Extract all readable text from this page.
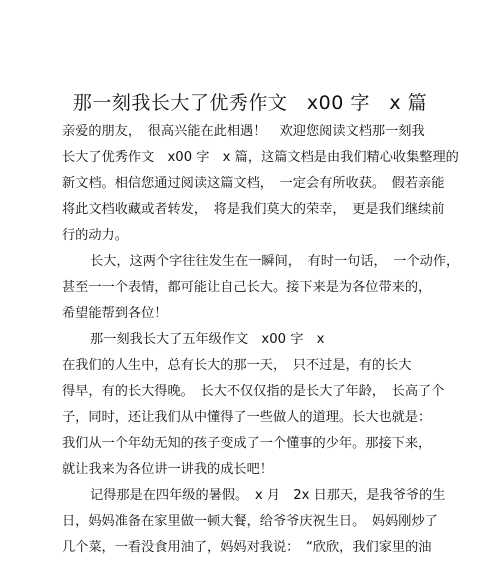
那一刻我长大了优秀作文　x00 字　x 篇
亲爱的朋友，　很高兴能在此相遇！　欢迎您阅读文档那一刻我
长大了优秀作文　x00 字　x 篇，这篇文档是由我们精心收集整理的
新文档。相信您通过阅读这篇文档，　一定会有所收获。　假若亲能
将此文档收藏或者转发，　将是我们莫大的荣幸，　更是我们继续前
行的动力。
长大，这两个字往往发生在一瞬间，　有时一句话，　一个动作，
甚至一一个表情，都可能让自己长大。接下来是为各位带来的，
希望能帮到各位！
那一刻我长大了五年级作文　x00 字　x
在我们的人生中，总有长大的那一天，　只不过是，有的长大
得早，有的长大得晚。　长大不仅仅指的是长大了年龄，　长高了个
子，同时，还让我们从中懂得了一些做人的道理。长大也就是：
我们从一个年幼无知的孩子变成了一个懂事的少年。那接下来，
就让我来为各位讲一讲我的成长吧！
记得那是在四年级的暑假。　x 月　2x 日那天，是我爷爷的生
日，妈妈准备在家里做一顿大餐，给爷爷庆祝生日。　妈妈刚炒了
几个菜，一看没食用油了，妈妈对我说：　“欣欣，我们家里的油
